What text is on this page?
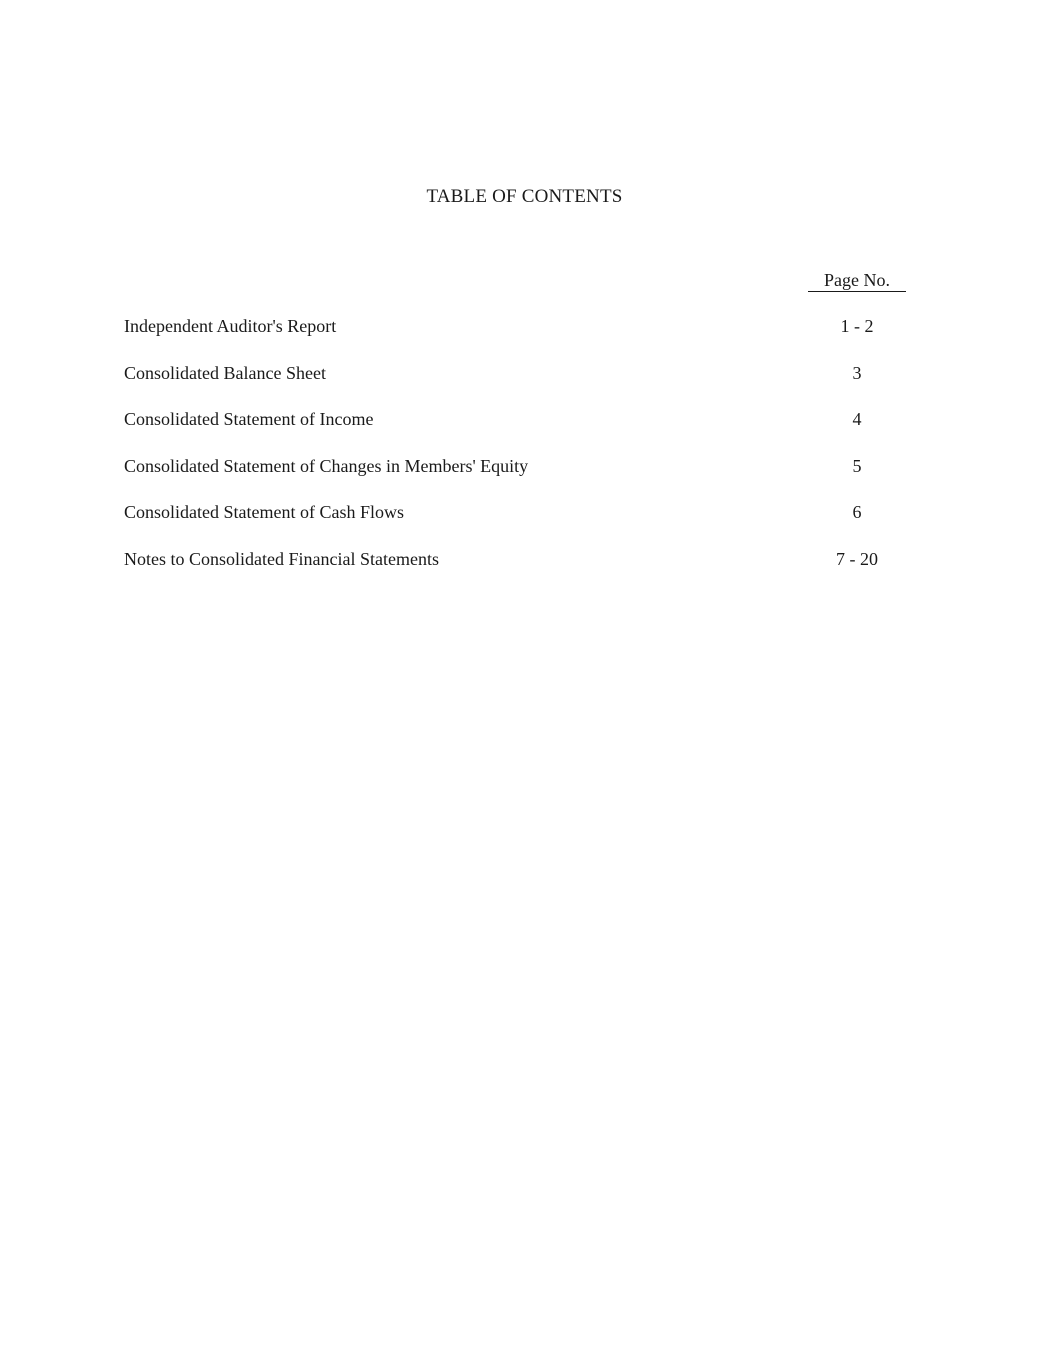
TABLE OF CONTENTS
Page No.
Independent Auditor's Report	1 - 2
Consolidated Balance Sheet	3
Consolidated Statement of Income	4
Consolidated Statement of Changes in Members' Equity	5
Consolidated Statement of Cash Flows	6
Notes to Consolidated Financial Statements	7 - 20
